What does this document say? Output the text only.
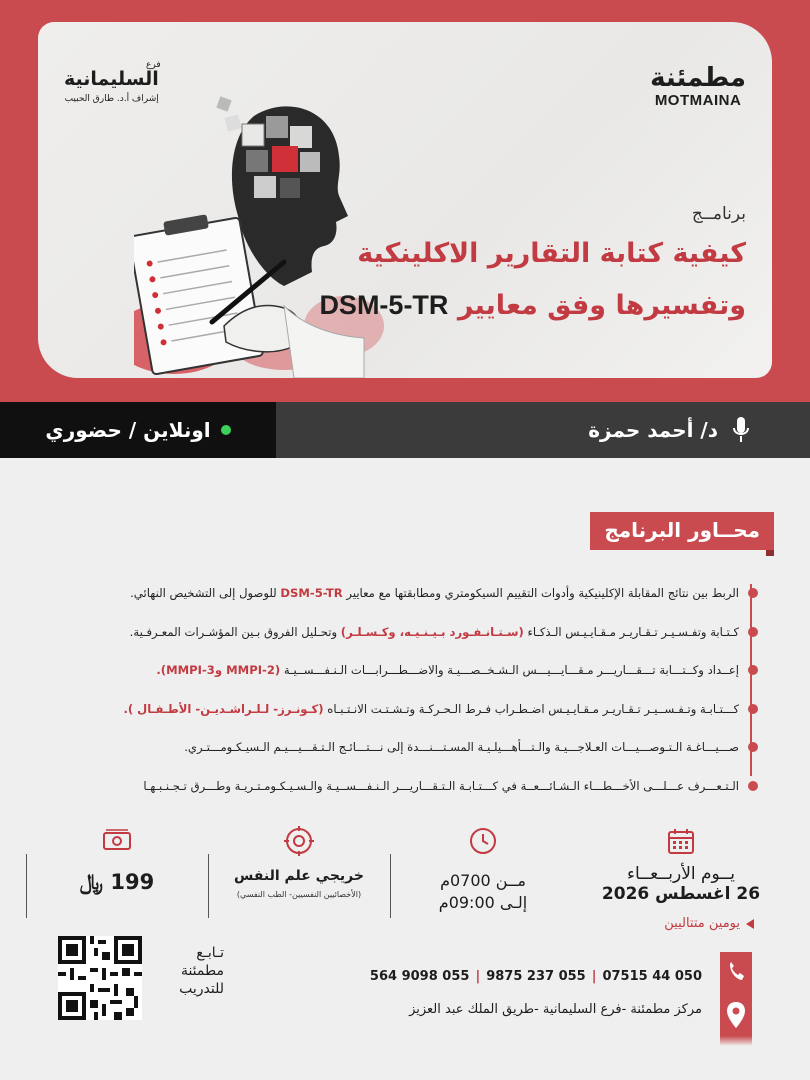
فرع
السليمانية
إشراف أ.د. طارق الحبيب
مطمئنة
MOTMAINA
برنامــج
كيفية كتابة التقارير الاكلينكية
وتفسيرها وفق معايير DSM-5-TR
اونلاين / حضوري	د/ أحمد حمزة
محــاور البرنامج
الربط بين نتائج المقابلة الإكلينيكية وأدوات التقييم السيكومتري ومطابقتها مع معايير DSM-5-TR للوصول إلى التشخيص النهائي.
كـتـابة وتفـسـيـر تـقـاريـر مـقـايـيـس الـذكـاء (سـتـانـفـورد بـيـنـيـه، وكـسـلـر) وتحـليل الفروق بـين المؤشـرات المعـرفـية.
إعــداد وكــتـــابة تـــقـــاريـــر مـقـــايـــيـــس الـشـخــصـــيـة والاضـــطـــرابـــات الـنـفـــســيـة (MMPI-2 وMMPI-3).
كـــتـابـة وتـفـســيـر تـقـاريـر مـقـايـيـس اضـطـراب فـرط الـحـركـة وتـشـتـت الانـتـبـاه (كـونـرز- لـلـراشـديـن- الأطـفـال ).
صـــيـــاغـة الـتـوصـــيـــات العـلاجـــيـة والـتـــأهـــيلـيـة المسـتـــنـــدة إلى نـــتـــائـج الـتـقـــيـــيـم الـسيـكـومـــتـري.
الـتـعـــرف عـــلـــى الأخـــطـــاء الـشـائـــعــة في كـــتـابـة الـتـقـــاريـــر الـنـفـــســيـة والـسـيـكـومـتـريـة وطـــرق تـجـنـبـهـا
يــوم الأربــعــاء
26 اغسطس 2026
مــن 0700م
إلـى 09:00م
خريجي علم النفس
(الأخصائيين النفسيين- الطب النفسي)
199 ﷼
يومين متتاليين

050 44 07515|055 237 9875|055 9098 564
مركز مطمئنة -فرع السليمانية -طريق الملك عبد العزيز
تـابـع مطمئنة للتدريب
